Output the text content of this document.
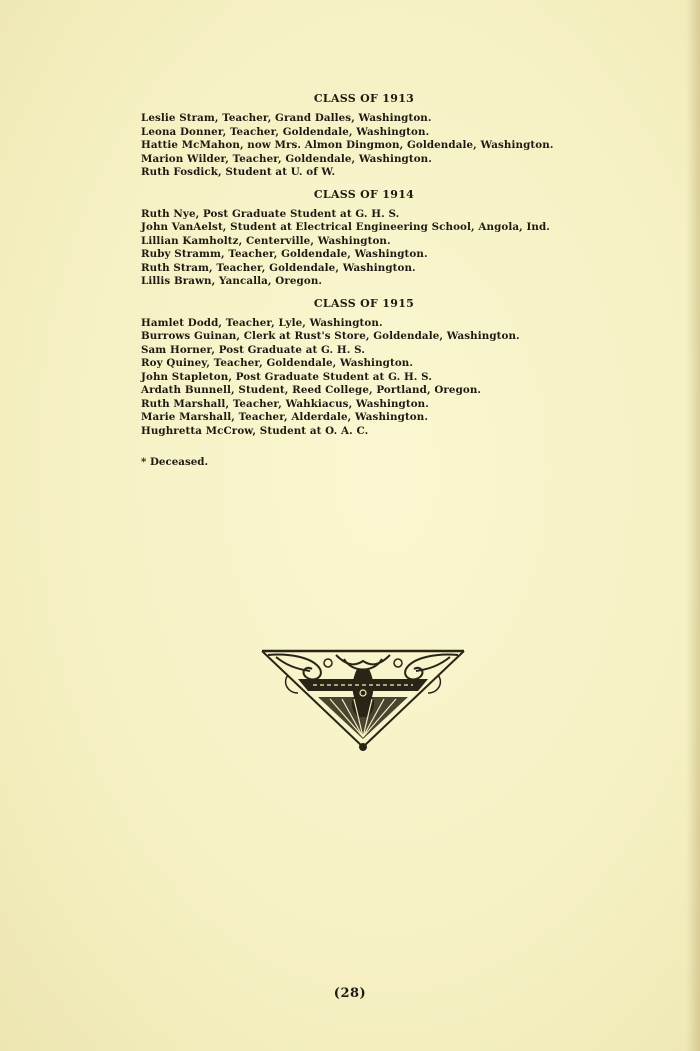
CLASS OF 1913
Leslie Stram, Teacher, Grand Dalles, Washington.
Leona Donner, Teacher, Goldendale, Washington.
Hattie McMahon, now Mrs. Almon Dingmon, Goldendale, Washington.
Marion Wilder, Teacher, Goldendale, Washington.
Ruth Fosdick, Student at U. of W.
CLASS OF 1914
Ruth Nye, Post Graduate Student at G. H. S.
John VanAelst, Student at Electrical Engineering School, Angola, Ind.
Lillian Kamholtz, Centerville, Washington.
Ruby Stramm, Teacher, Goldendale, Washington.
Ruth Stram, Teacher, Goldendale, Washington.
Lillis Brawn, Yancalla, Oregon.
CLASS OF 1915
Hamlet Dodd, Teacher, Lyle, Washington.
Burrows Guinan, Clerk at Rust's Store, Goldendale, Washington.
Sam Horner, Post Graduate at G. H. S.
Roy Quiney, Teacher, Goldendale, Washington.
John Stapleton, Post Graduate Student at G. H. S.
Ardath Bunnell, Student, Reed College, Portland, Oregon.
Ruth Marshall, Teacher, Wahkiacus, Washington.
Marie Marshall, Teacher, Alderdale, Washington.
Hughretta McCrow, Student at O. A. C.
* Deceased.
(28)
